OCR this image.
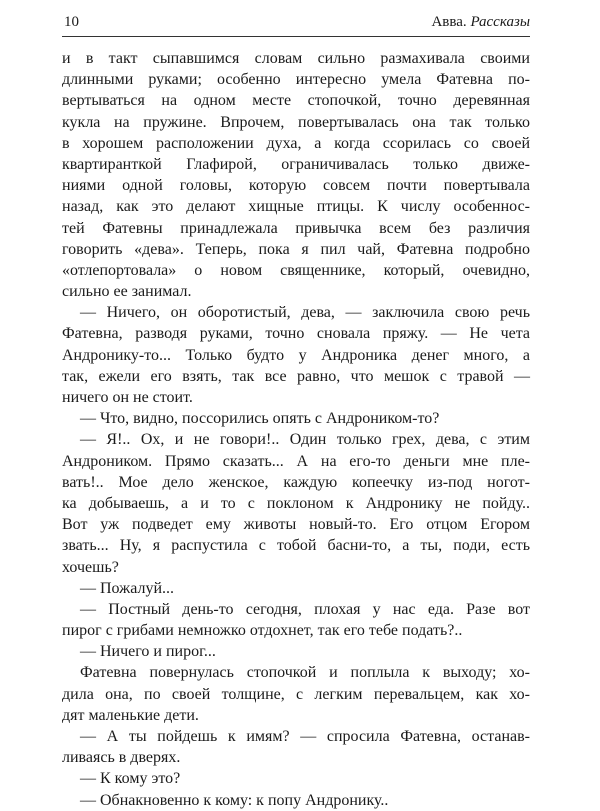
10	Авва. Рассказы
и в такт сыпавшимся словам сильно размахивала своими
длинными руками; особенно интересно умела Фатевна по-
вертываться на одном месте стопочкой, точно деревянная
кукла на пружине. Впрочем, повертывалась она так только
в хорошем расположении духа, а когда ссорилась со своей
квартиранткой Глафирой, ограничивалась только движе-
ниями одной головы, которую совсем почти повертывала
назад, как это делают хищные птицы. К числу особеннос-
тей Фатевны принадлежала привычка всем без различия
говорить «дева». Теперь, пока я пил чай, Фатевна подробно
«отлепортовала» о новом священнике, который, очевидно,
сильно ее занимал.
— Ничего, он оборотистый, дева, — заключила свою речь
Фатевна, разводя руками, точно сновала пряжу. — Не чета
Андронику-то... Только будто у Андроника денег много, а
так, ежели его взять, так все равно, что мешок с травой —
ничего он не стоит.
— Что, видно, поссорились опять с Андроником-то?
— Я!.. Ох, и не говори!.. Один только грех, дева, с этим
Андроником. Прямо сказать... А на его-то деньги мне пле-
вать!.. Мое дело женское, каждую копеечку из-под ногот-
ка добываешь, а и то с поклоном к Андронику не пойду..
Вот уж подведет ему животы новый-то. Его отцом Егором
звать... Ну, я распустила с тобой басни-то, а ты, поди, есть
хочешь?
— Пожалуй...
— Постный день-то сегодня, плохая у нас еда. Разе вот
пирог с грибами немножко отдохнет, так его тебе подать?..
— Ничего и пирог...
Фатевна повернулась стопочкой и поплыла к выходу; хо-
дила она, по своей толщине, с легким перевальцем, как хо-
дят маленькие дети.
— А ты пойдешь к имям? — спросила Фатевна, останав-
ливаясь в дверях.
— К кому это?
— Обнакновенно к кому: к попу Андронику..
